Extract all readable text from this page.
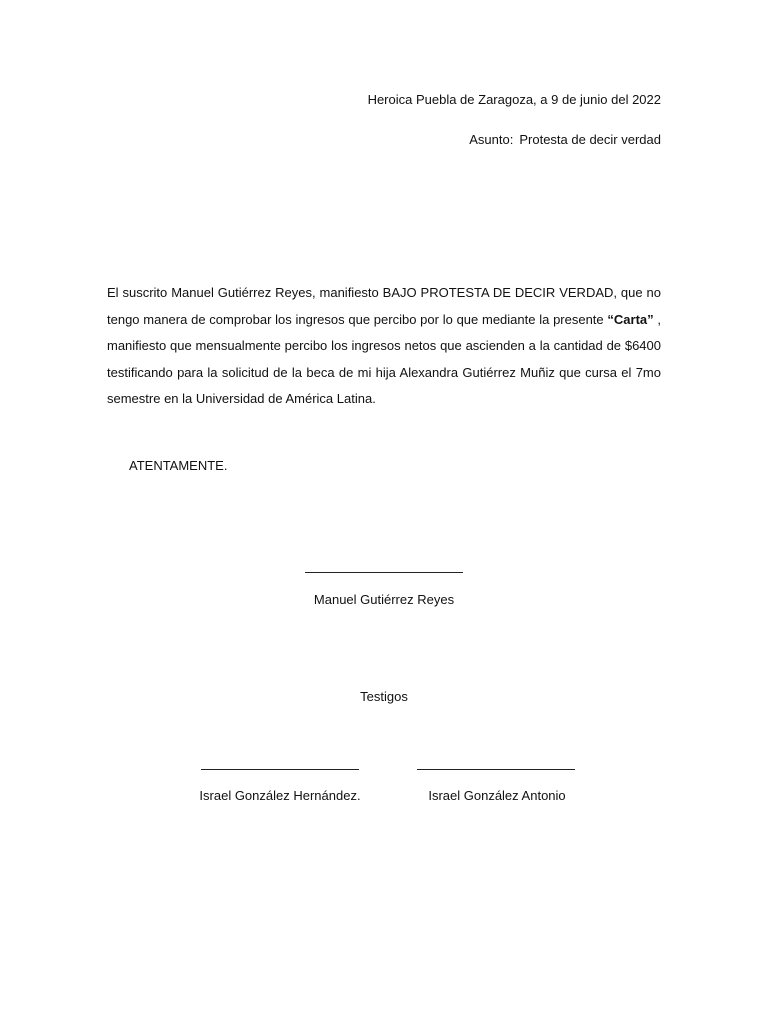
Heroica Puebla de Zaragoza, a 9 de junio del 2022
Asunto: Protesta de decir verdad
El suscrito Manuel Gutiérrez Reyes, manifiesto BAJO PROTESTA DE DECIR VERDAD, que no tengo manera de comprobar los ingresos que percibo por lo que mediante la presente “Carta” , manifiesto que mensualmente percibo los ingresos netos que ascienden a la cantidad de $6400 testificando para la solicitud de la beca de mi hija Alexandra Gutiérrez Muñiz que cursa el 7mo semestre en la Universidad de América Latina.
ATENTAMENTE.
Manuel Gutiérrez Reyes
Testigos
Israel González Hernández.	Israel González Antonio
